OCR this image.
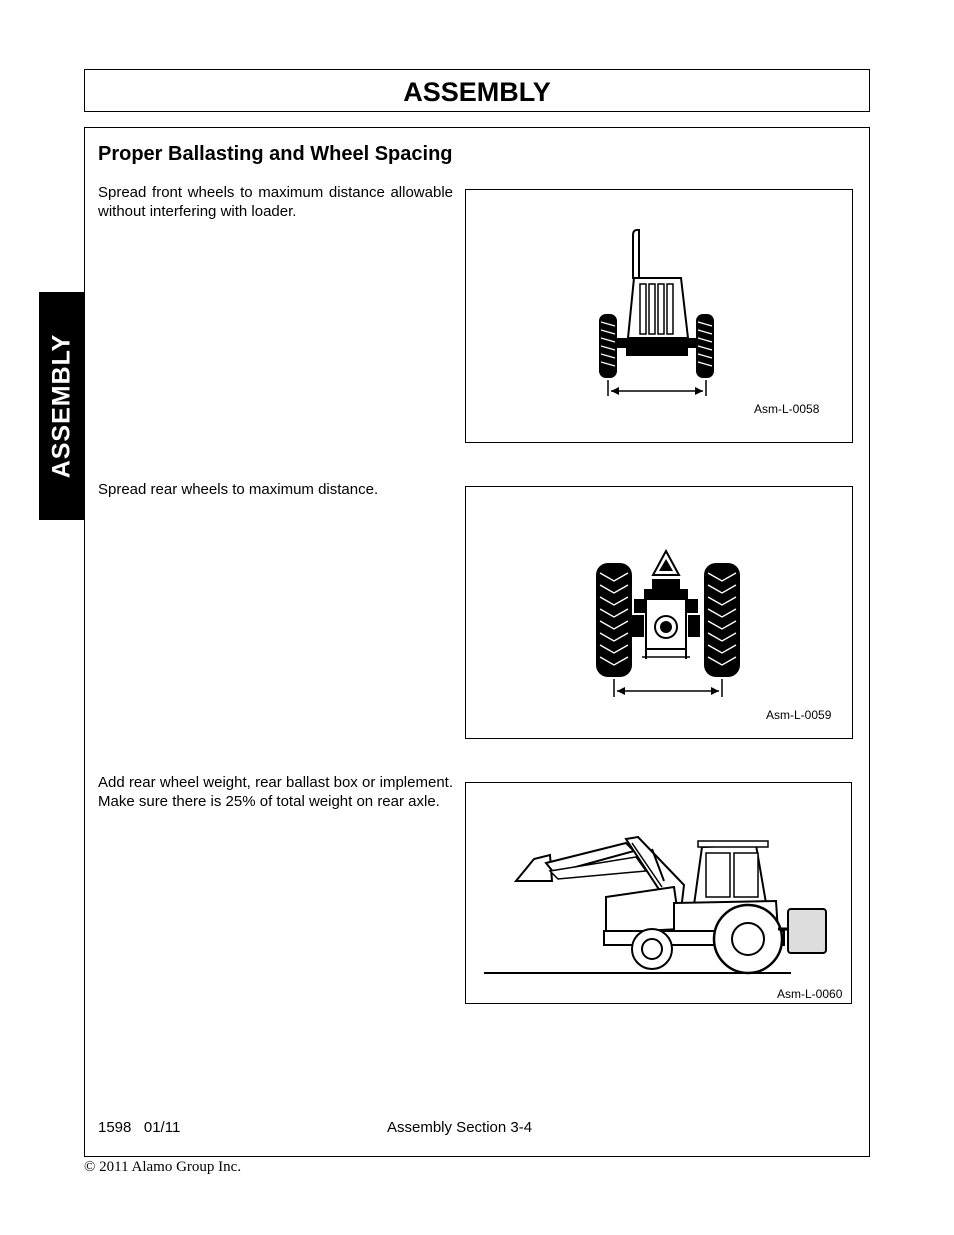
ASSEMBLY
ASSEMBLY
Proper Ballasting and Wheel Spacing
Spread front wheels to maximum distance allowable without interfering with loader.
Spread rear wheels to maximum distance.
Add rear wheel weight, rear ballast box or implement. Make sure there is 25% of total weight on rear axle.
Asm-L-0058
Asm-L-0059
Asm-L-0060
1598   01/11	Assembly Section 3-4
© 2011 Alamo Group Inc.
